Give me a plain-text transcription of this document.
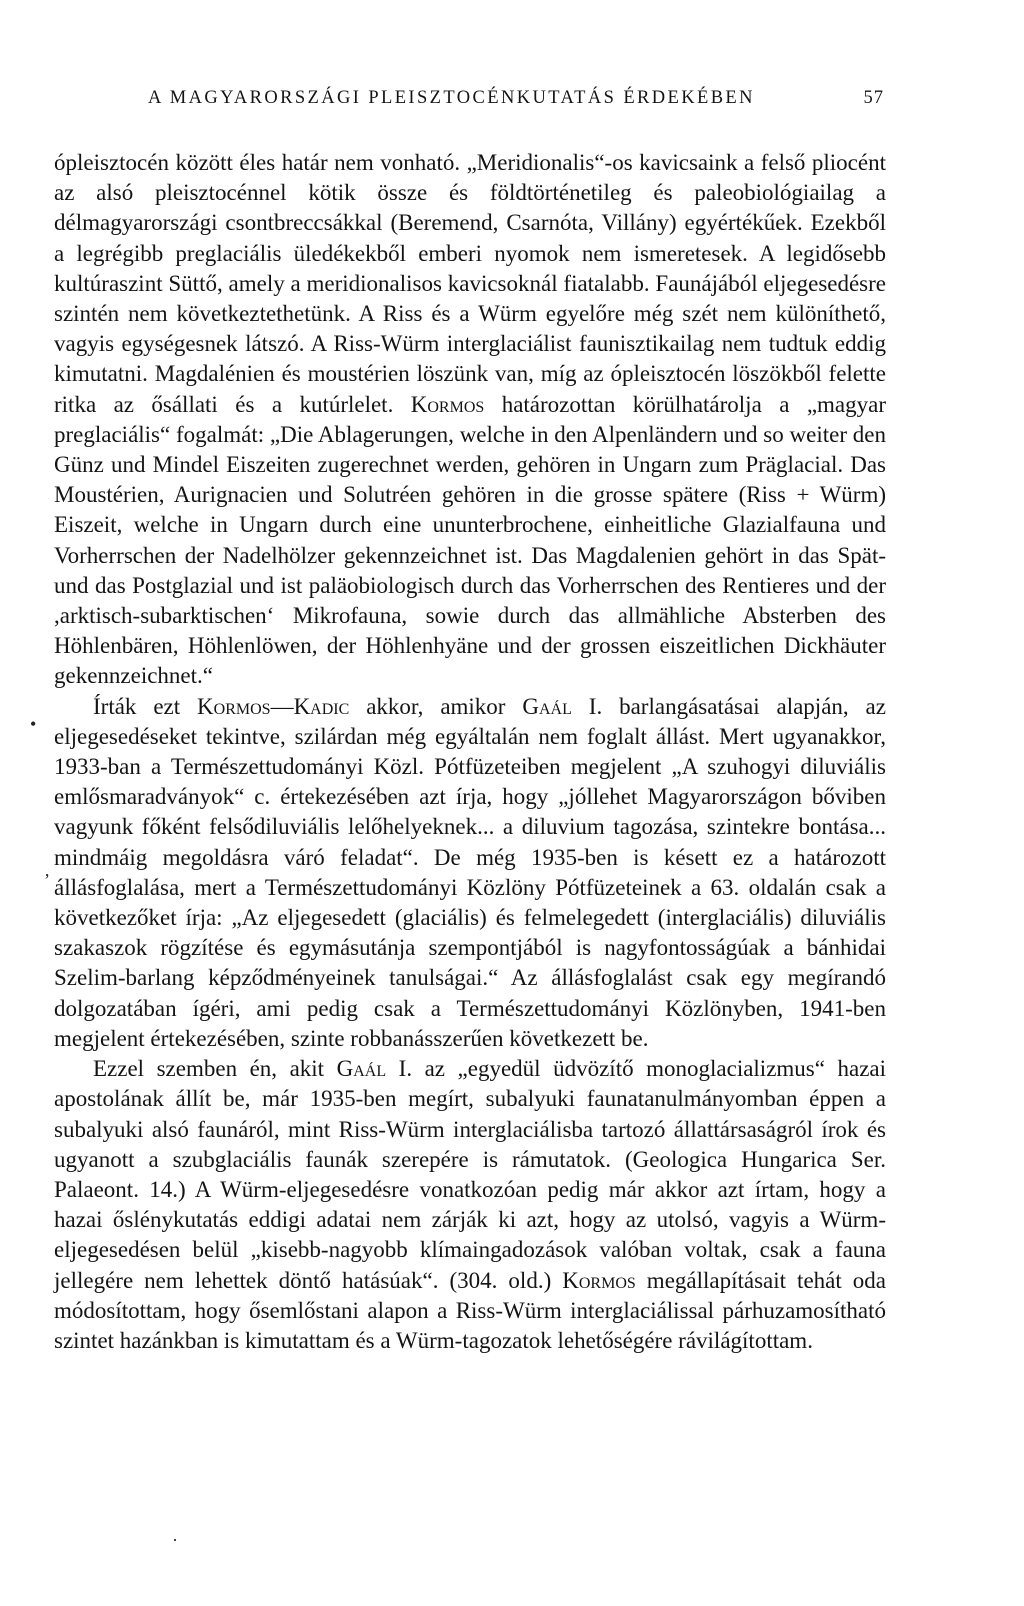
A MAGYARORSZÁGI PLEISZTOCÉNKUTATÁS ÉRDEKÉBEN	57

ópleisztocén között éles határ nem vonható. „Meridionalis“-os kavicsaink a felső pliocént az alsó pleisztocénnel kötik össze és földtörténetileg és paleobiológiailag a délmagyarországi csontbreccsákkal (Beremend, Csarnóta, Villány) egyértékűek. Ezekből a legrégibb preglaciális üledékekből emberi nyomok nem ismeretesek. A legidősebb kultúraszint Süttő, amely a meridionalisos kavicsoknál fiatalabb. Faunájából eljegesedésre szintén nem következtethetünk. A Riss és a Würm egyelőre még szét nem különíthető, vagyis egységesnek látszó. A Riss-Würm interglaciálist faunisztikailag nem tudtuk eddig kimutatni. Magdalénien és moustérien löszünk van, míg az ópleisztocén löszökből felette ritka az ősállati és a kutúrlelet. Kormos határozottan körülhatárolja a „magyar preglaciális“ fogalmát: „Die Ablagerungen, welche in den Alpenländern und so weiter den Günz und Mindel Eiszeiten zugerechnet werden, gehören in Ungarn zum Präglacial. Das Moustérien, Aurignacien und Solutréen gehören in die grosse spätere (Riss + Würm) Eiszeit, welche in Ungarn durch eine ununterbrochene, einheitliche Glazialfauna und Vorherrschen der Nadelhölzer gekennzeichnet ist. Das Magdalenien gehört in das Spät- und das Postglazial und ist paläobiologisch durch das Vorherrschen des Rentieres und der ,arktisch-subarktischen‘ Mikrofauna, sowie durch das allmähliche Absterben des Höhlenbären, Höhlenlöwen, der Höhlenhyäne und der grossen eiszeitlichen Dickhäuter gekennzeichnet.“

Írták ezt Kormos—Kadic akkor, amikor Gaál I. barlangásatásai alapján, az eljegesedéseket tekintve, szilárdan még egyáltalán nem foglalt állást. Mert ugyanakkor, 1933-ban a Természettudományi Közl. Pótfüzeteiben megjelent „A szuhogyi diluviális emlősmaradványok“ c. értekezésében azt írja, hogy „jóllehet Magyarországon bőviben vagyunk főként felsődiluviális lelőhelyeknek... a diluvium tagozása, szintekre bontása... mindmáig megoldásra váró feladat“. De még 1935-ben is késett ez a határozott állásfoglalása, mert a Természettudományi Közlöny Pótfüzeteinek a 63. oldalán csak a következőket írja: „Az eljegesedett (glaciális) és felmelegedett (interglaciális) diluviális szakaszok rögzítése és egymásutánja szempontjából is nagyfontosságúak a bánhidai Szelim-barlang képződményeinek tanulságai.“ Az állásfoglalást csak egy megírandó dolgozatában ígéri, ami pedig csak a Természettudományi Közlönyben, 1941-ben megjelent értekezésében, szinte robbanásszerűen következett be.

Ezzel szemben én, akit Gaál I. az „egyedül üdvözítő monoglacializmus“ hazai apostolának állít be, már 1935-ben megírt, subalyuki faunatanulmányomban éppen a subalyuki alsó faunáról, mint Riss-Würm interglaciálisba tartozó állattársaságról írok és ugyanott a szubglaciális faunák szerepére is rámutatok. (Geologica Hungarica Ser. Palaeont. 14.) A Würm-eljegesedésre vonatkozóan pedig már akkor azt írtam, hogy a hazai őslénykutatás eddigi adatai nem zárják ki azt, hogy az utolsó, vagyis a Würm-eljegesedésen belül „kisebb-nagyobb klímaingadozások valóban voltak, csak a fauna jellegére nem lehettek döntő hatásúak“. (304. old.) Kormos megállapításait tehát oda módosítottam, hogy ősemlőstani alapon a Riss-Würm interglaciálissal párhuzamosítható szintet hazánkban is kimutattam és a Würm-tagozatok lehetőségére rávilágítottam.

•
ʼ
·
